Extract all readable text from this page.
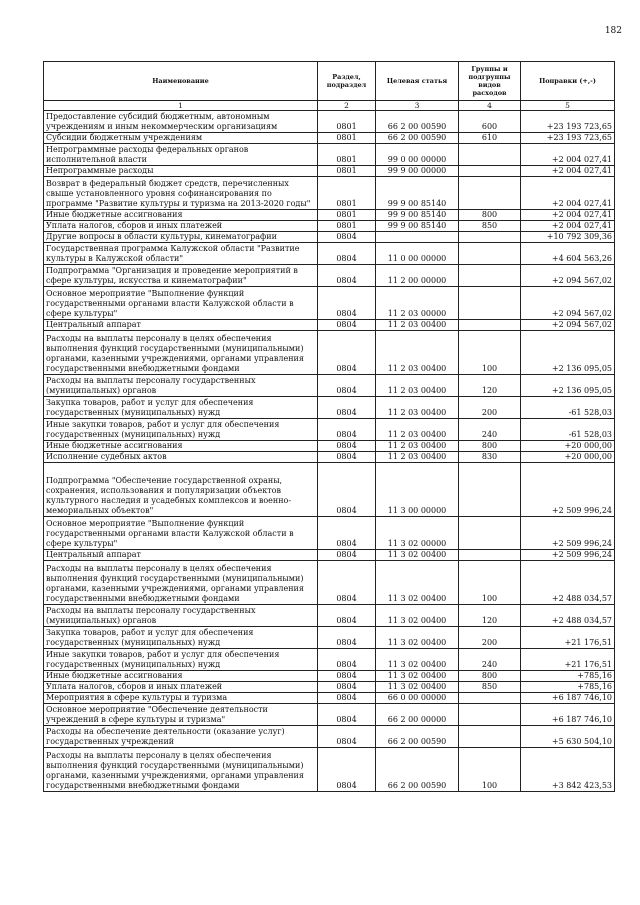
182
Наименование	Раздел, подраздел	Целевая статья	Группы и подгруппы видов расходов	Поправки (+,-)
1	2	3	4	5
Предоставление субсидий бюджетным, автономным учреждениям и иным некоммерческим организациям	0801	66 2 00 00590	600	+23 193 723,65
Субсидии бюджетным учреждениям	0801	66 2 00 00590	610	+23 193 723,65
Непрограммные расходы федеральных органов исполнительной власти	0801	99 0 00 00000		+2 004 027,41
Непрограммные расходы	0801	99 9 00 00000		+2 004 027,41
Возврат в федеральный бюджет средств, перечисленных свыше установленного уровня софинансирования по программе "Развитие культуры и туризма на 2013-2020 годы"	0801	99 9 00 85140		+2 004 027,41
Иные бюджетные ассигнования	0801	99 9 00 85140	800	+2 004 027,41
Уплата налогов, сборов и иных платежей	0801	99 9 00 85140	850	+2 004 027,41
Другие вопросы в области культуры, кинематографии	0804			+10 792 309,36
Государственная программа Калужской области "Развитие культуры в Калужской области"	0804	11 0 00 00000		+4 604 563,26
Подпрограмма "Организация и проведение мероприятий в сфере культуры, искусства и кинематографии"	0804	11 2 00 00000		+2 094 567,02
Основное мероприятие "Выполнение функций государственными органами власти Калужской области в сфере культуры"	0804	11 2 03 00000		+2 094 567,02
Центральный аппарат	0804	11 2 03 00400		+2 094 567,02
Расходы на выплаты персоналу в целях обеспечения выполнения функций государственными (муниципальными) органами, казенными учреждениями, органами управления государственными внебюджетными фондами	0804	11 2 03 00400	100	+2 136 095,05
Расходы на выплаты персоналу государственных (муниципальных) органов	0804	11 2 03 00400	120	+2 136 095,05
Закупка товаров, работ и услуг для обеспечения государственных (муниципальных) нужд	0804	11 2 03 00400	200	-61 528,03
Иные закупки товаров, работ и услуг для обеспечения государственных (муниципальных) нужд	0804	11 2 03 00400	240	-61 528,03
Иные бюджетные ассигнования	0804	11 2 03 00400	800	+20 000,00
Исполнение судебных актов	0804	11 2 03 00400	830	+20 000,00
Подпрограмма "Обеспечение государственной охраны, сохранения, использования и популяризации объектов культурного наследия и усадебных комплексов и военно-мемориальных объектов"	0804	11 3 00 00000		+2 509 996,24
Основное мероприятие "Выполнение функций государственными органами власти Калужской области в сфере культуры"	0804	11 3 02 00000		+2 509 996,24
Центральный аппарат	0804	11 3 02 00400		+2 509 996,24
Расходы на выплаты персоналу в целях обеспечения выполнения функций государственными (муниципальными) органами, казенными учреждениями, органами управления государственными внебюджетными фондами	0804	11 3 02 00400	100	+2 488 034,57
Расходы на выплаты персоналу государственных (муниципальных) органов	0804	11 3 02 00400	120	+2 488 034,57
Закупка товаров, работ и услуг для обеспечения государственных (муниципальных) нужд	0804	11 3 02 00400	200	+21 176,51
Иные закупки товаров, работ и услуг для обеспечения государственных (муниципальных) нужд	0804	11 3 02 00400	240	+21 176,51
Иные бюджетные ассигнования	0804	11 3 02 00400	800	+785,16
Уплата налогов, сборов и иных платежей	0804	11 3 02 00400	850	+785,16
Мероприятия в сфере культуры и туризма	0804	66 0 00 00000		+6 187 746,10
Основное мероприятие "Обеспечение деятельности учреждений в сфере культуры и туризма"	0804	66 2 00 00000		+6 187 746,10
Расходы на обеспечение деятельности (оказание услуг) государственных учреждений	0804	66 2 00 00590		+5 630 504,10
Расходы на выплаты персоналу в целях обеспечения выполнения функций государственными (муниципальными) органами, казенными учреждениями, органами управления государственными внебюджетными фондами	0804	66 2 00 00590	100	+3 842 423,53
